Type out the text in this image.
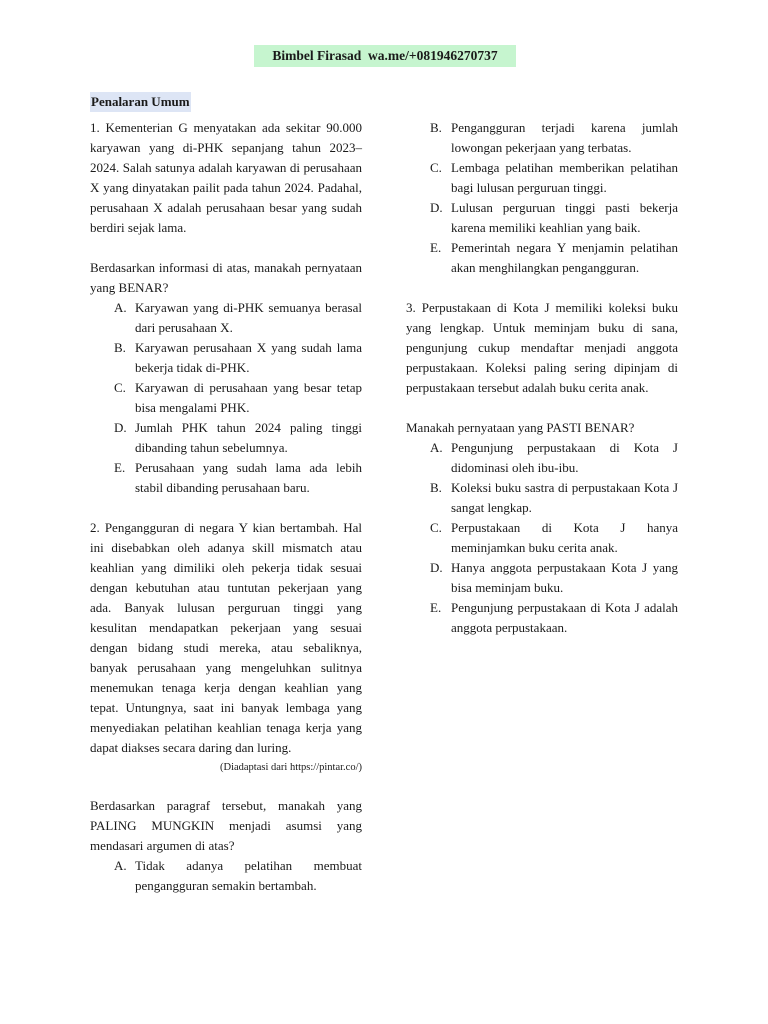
Bimbel Firasad wa.me/+081946270737
Penalaran Umum

1. Kementerian G menyatakan ada sekitar 90.000 karyawan yang di-PHK sepanjang tahun 2023–2024. Salah satunya adalah karyawan di perusahaan X yang dinyatakan pailit pada tahun 2024. Padahal, perusahaan X adalah perusahaan besar yang sudah berdiri sejak lama.

Berdasarkan informasi di atas, manakah pernyataan yang BENAR?

A. Karyawan yang di-PHK semuanya berasal dari perusahaan X.
B. Karyawan perusahaan X yang sudah lama bekerja tidak di-PHK.
C. Karyawan di perusahaan yang besar tetap bisa mengalami PHK.
D. Jumlah PHK tahun 2024 paling tinggi dibanding tahun sebelumnya.
E. Perusahaan yang sudah lama ada lebih stabil dibanding perusahaan baru.

2. Pengangguran di negara Y kian bertambah. Hal ini disebabkan oleh adanya skill mismatch atau keahlian yang dimiliki oleh pekerja tidak sesuai dengan kebutuhan atau tuntutan pekerjaan yang ada. Banyak lulusan perguruan tinggi yang kesulitan mendapatkan pekerjaan yang sesuai dengan bidang studi mereka, atau sebaliknya, banyak perusahaan yang mengeluhkan sulitnya menemukan tenaga kerja dengan keahlian yang tepat. Untungnya, saat ini banyak lembaga yang menyediakan pelatihan keahlian tenaga kerja yang dapat diakses secara daring dan luring.

(Diadaptasi dari https://pintar.co/)

Berdasarkan paragraf tersebut, manakah yang PALING MUNGKIN menjadi asumsi yang mendasari argumen di atas?

A. Tidak adanya pelatihan membuat pengangguran semakin bertambah.
B. Pengangguran terjadi karena jumlah lowongan pekerjaan yang terbatas.
C. Lembaga pelatihan memberikan pelatihan bagi lulusan perguruan tinggi.
D. Lulusan perguruan tinggi pasti bekerja karena memiliki keahlian yang baik.
E. Pemerintah negara Y menjamin pelatihan akan menghilangkan pengangguran.

3. Perpustakaan di Kota J memiliki koleksi buku yang lengkap. Untuk meminjam buku di sana, pengunjung cukup mendaftar menjadi anggota perpustakaan. Koleksi paling sering dipinjam di perpustakaan tersebut adalah buku cerita anak.

Manakah pernyataan yang PASTI BENAR?

A. Pengunjung perpustakaan di Kota J didominasi oleh ibu-ibu.
B. Koleksi buku sastra di perpustakaan Kota J sangat lengkap.
C. Perpustakaan di Kota J hanya meminjamkan buku cerita anak.
D. Hanya anggota perpustakaan Kota J yang bisa meminjam buku.
E. Pengunjung perpustakaan di Kota J adalah anggota perpustakaan.
